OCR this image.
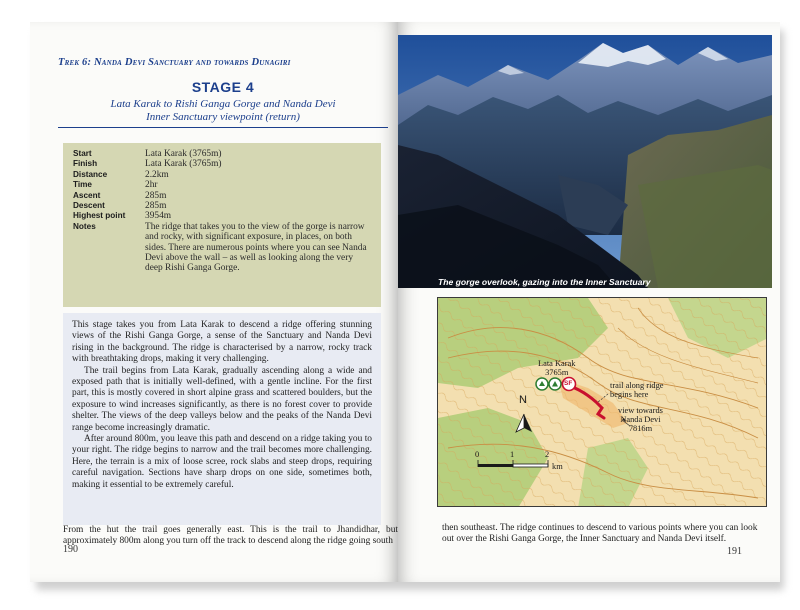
Trek 6: Nanda Devi Sanctuary and towards Dunagiri
STAGE 4
Lata Karak to Rishi Ganga Gorge and Nanda Devi
Inner Sanctuary viewpoint (return)
Start	Lata Karak (3765m)
Finish	Lata Karak (3765m)
Distance	2.2km
Time	2hr
Ascent	285m
Descent	285m
Highest point	3954m
Notes	The ridge that takes you to the view of the gorge is narrow and rocky, with significant exposure, in places, on both sides. There are numerous points where you can see Nanda Devi above the wall – as well as looking along the very deep Rishi Ganga Gorge.

This stage takes you from Lata Karak to descend a ridge offering stunning views of the Rishi Ganga Gorge, a sense of the Sanctuary and Nanda Devi rising in the background. The ridge is characterised by a narrow, rocky track with breathtaking drops, making it very challenging.

The trail begins from Lata Karak, gradually ascending along a wide and exposed path that is initially well-defined, with a gentle incline. For the first part, this is mostly covered in short alpine grass and scattered boulders, but the exposure to wind increases significantly, as there is no forest cover to provide shelter. The views of the deep valleys below and the peaks of the Nanda Devi range become increasingly dramatic.

After around 800m, you leave this path and descend on a ridge taking you to your right. The ridge begins to narrow and the trail becomes more challenging. Here, the terrain is a mix of loose scree, rock slabs and steep drops, requiring careful navigation. Sections have sharp drops on one side, sometimes both, making it essential to be extremely careful.

From the hut the trail goes generally east. This is the trail to Jhandidhar, but approximately 800m along you turn off the track to descend along the ridge going south
190
The gorge overlook, gazing into the Inner Sanctuary
Lata Karak
3765m
SF	trail along ridge
begins here
view towards
Nanda Devi
7816m
N
0	1	2
km
then southeast. The ridge continues to descend to various points where you can look out over the Rishi Ganga Gorge, the Inner Sanctuary and Nanda Devi itself.
191
